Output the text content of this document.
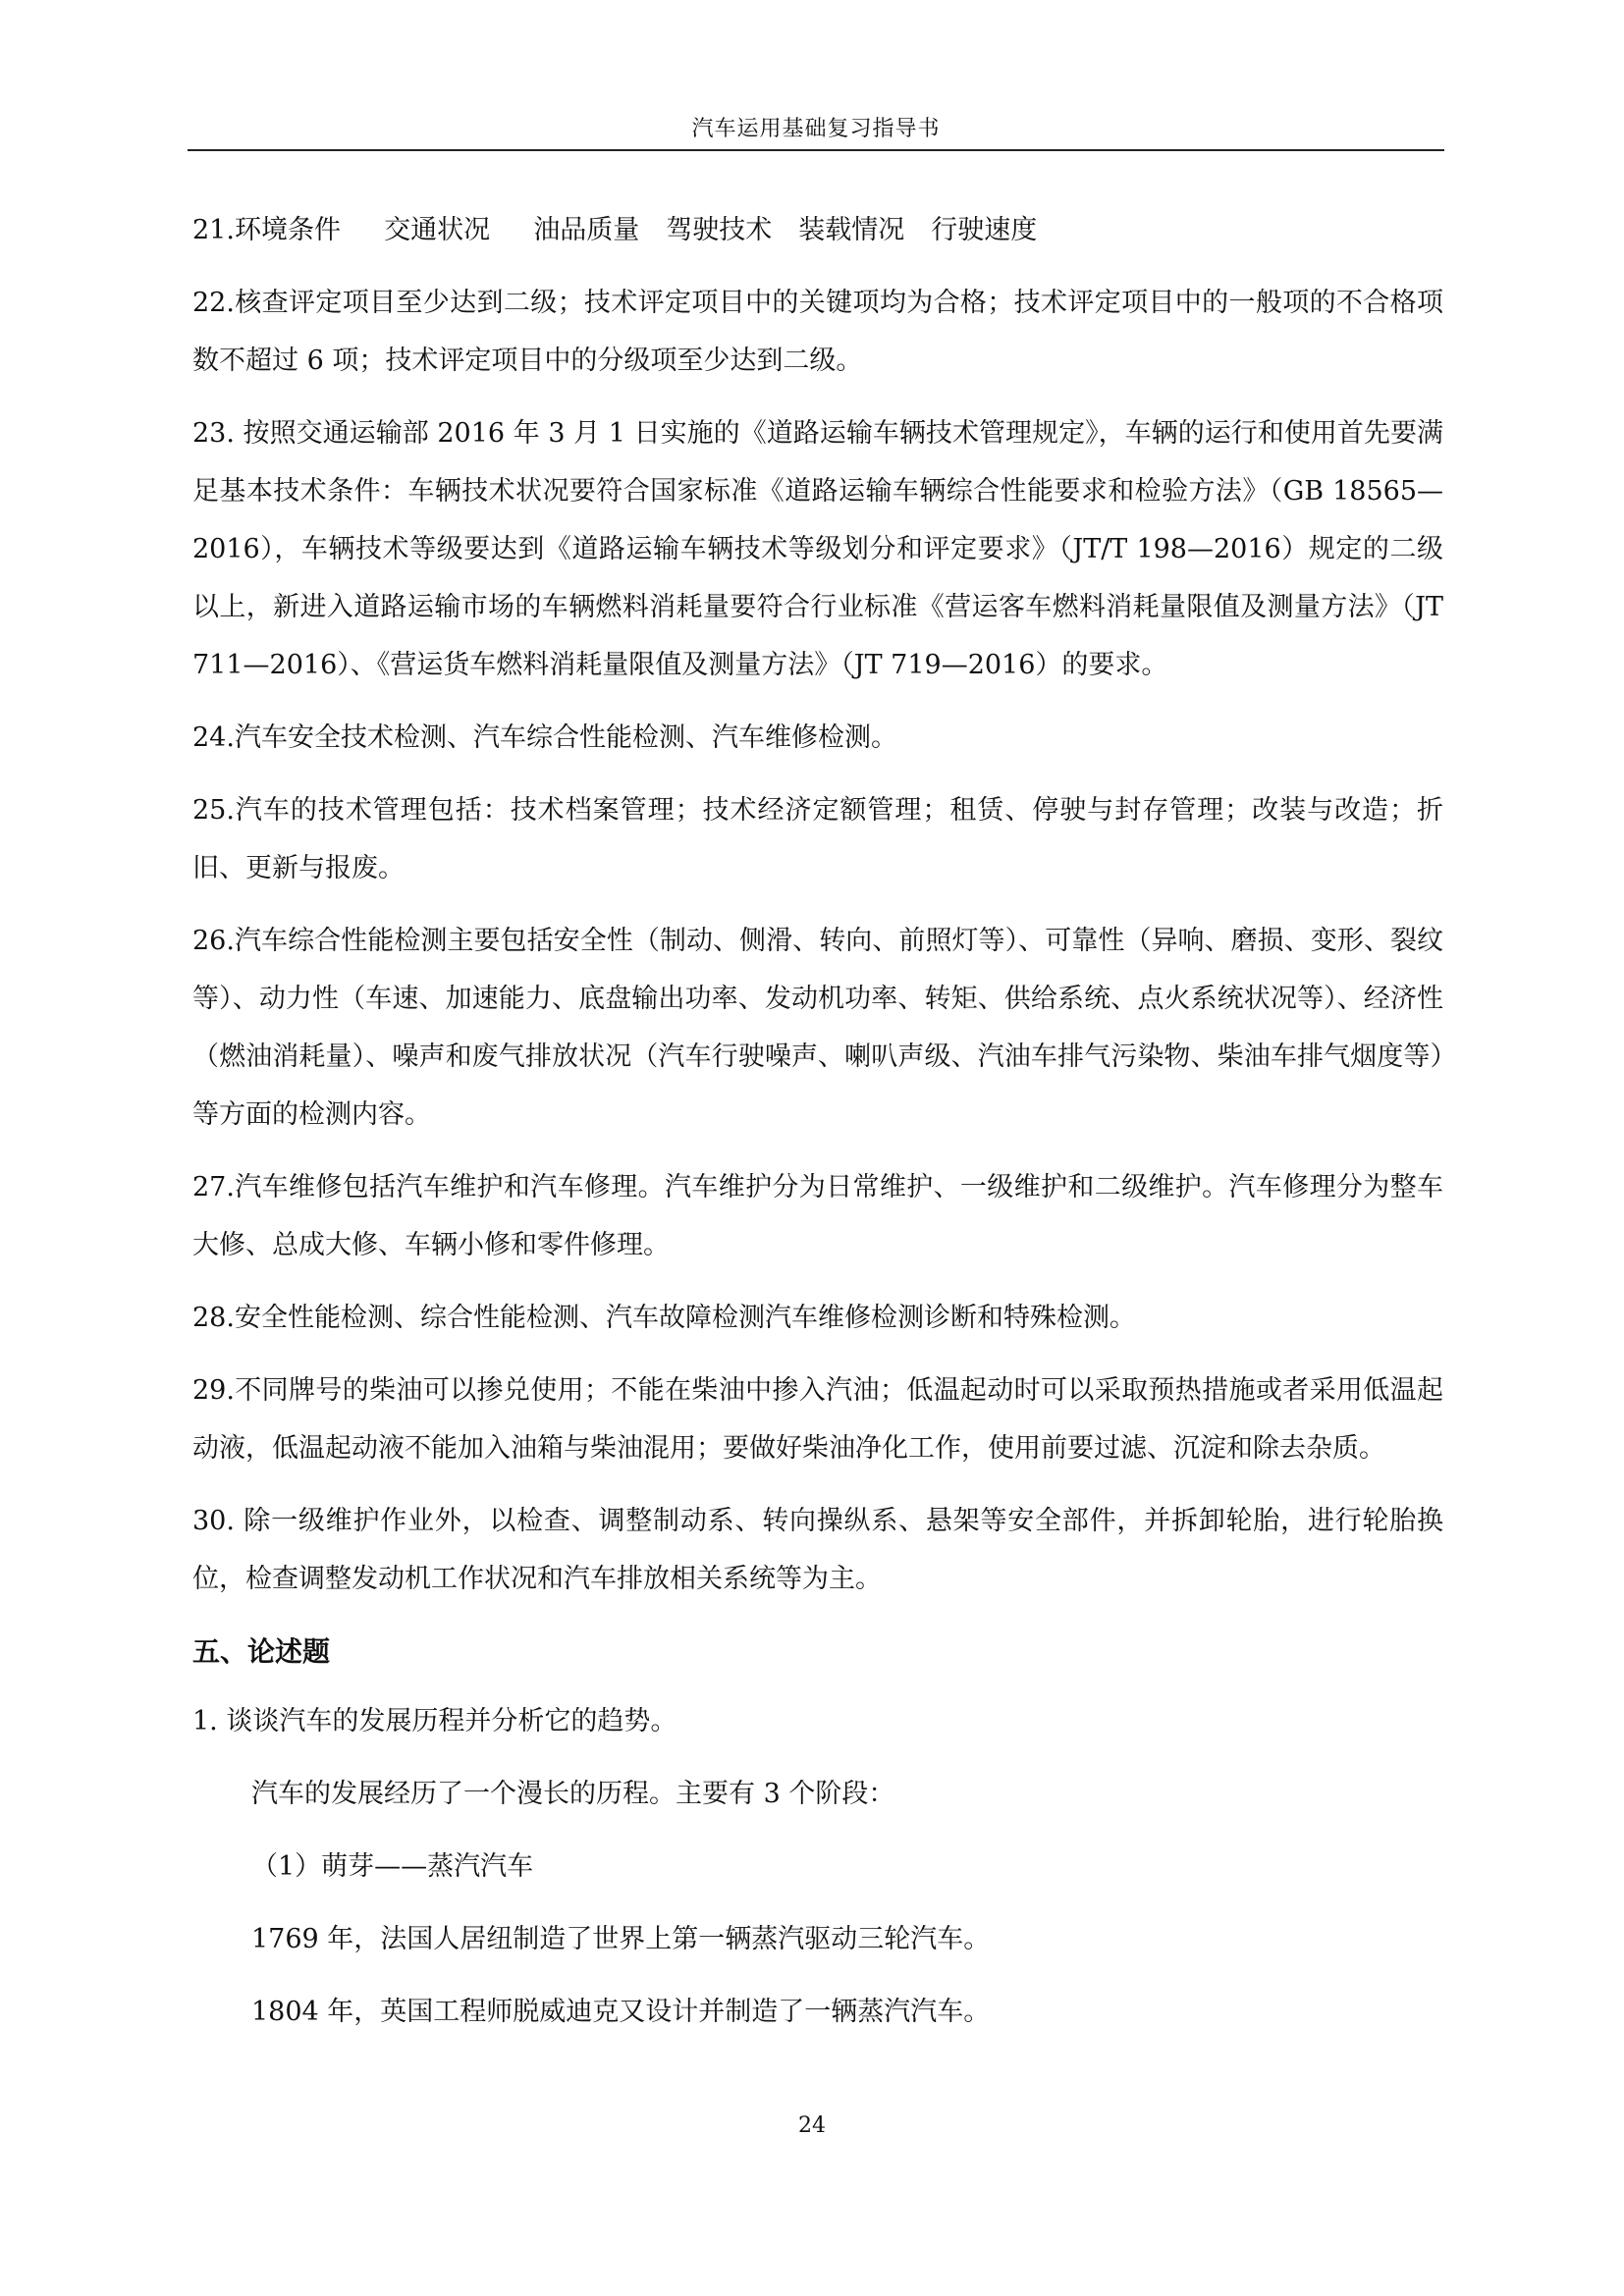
汽车运用基础复习指导书

21.环境条件　  交通状况 　 油品质量　驾驶技术　装载情况　行驶速度

22.核查评定项目至少达到二级；技术评定项目中的关键项均为合格；技术评定项目中的一般项的不合格项数不超过 6 项；技术评定项目中的分级项至少达到二级。

23. 按照交通运输部 2016 年 3 月 1 日实施的《道路运输车辆技术管理规定》，车辆的运行和使用首先要满足基本技术条件：车辆技术状况要符合国家标准《道路运输车辆综合性能要求和检验方法》（GB 18565—2016），车辆技术等级要达到《道路运输车辆技术等级划分和评定要求》（JT/T 198—2016）规定的二级以上，新进入道路运输市场的车辆燃料消耗量要符合行业标准《营运客车燃料消耗量限值及测量方法》（JT 711—2016）、《营运货车燃料消耗量限值及测量方法》（JT 719—2016）的要求。

24.汽车安全技术检测、汽车综合性能检测、汽车维修检测。

25.汽车的技术管理包括：技术档案管理；技术经济定额管理；租赁、停驶与封存管理；改装与改造；折旧、更新与报废。

26.汽车综合性能检测主要包括安全性（制动、侧滑、转向、前照灯等）、可靠性（异响、磨损、变形、裂纹等）、动力性（车速、加速能力、底盘输出功率、发动机功率、转矩、供给系统、点火系统状况等）、经济性（燃油消耗量）、噪声和废气排放状况（汽车行驶噪声、喇叭声级、汽油车排气污染物、柴油车排气烟度等）等方面的检测内容。

27.汽车维修包括汽车维护和汽车修理。汽车维护分为日常维护、一级维护和二级维护。汽车修理分为整车大修、总成大修、车辆小修和零件修理。

28.安全性能检测、综合性能检测、汽车故障检测汽车维修检测诊断和特殊检测。

29.不同牌号的柴油可以掺兑使用；不能在柴油中掺入汽油；低温起动时可以采取预热措施或者采用低温起动液，低温起动液不能加入油箱与柴油混用；要做好柴油净化工作，使用前要过滤、沉淀和除去杂质。

30. 除一级维护作业外，以检查、调整制动系、转向操纵系、悬架等安全部件，并拆卸轮胎，进行轮胎换位，检查调整发动机工作状况和汽车排放相关系统等为主。

五、论述题

1. 谈谈汽车的发展历程并分析它的趋势。

汽车的发展经历了一个漫长的历程。主要有 3 个阶段：

（1）萌芽——蒸汽汽车

1769 年，法国人居纽制造了世界上第一辆蒸汽驱动三轮汽车。

1804 年，英国工程师脱威迪克又设计并制造了一辆蒸汽汽车。

24
